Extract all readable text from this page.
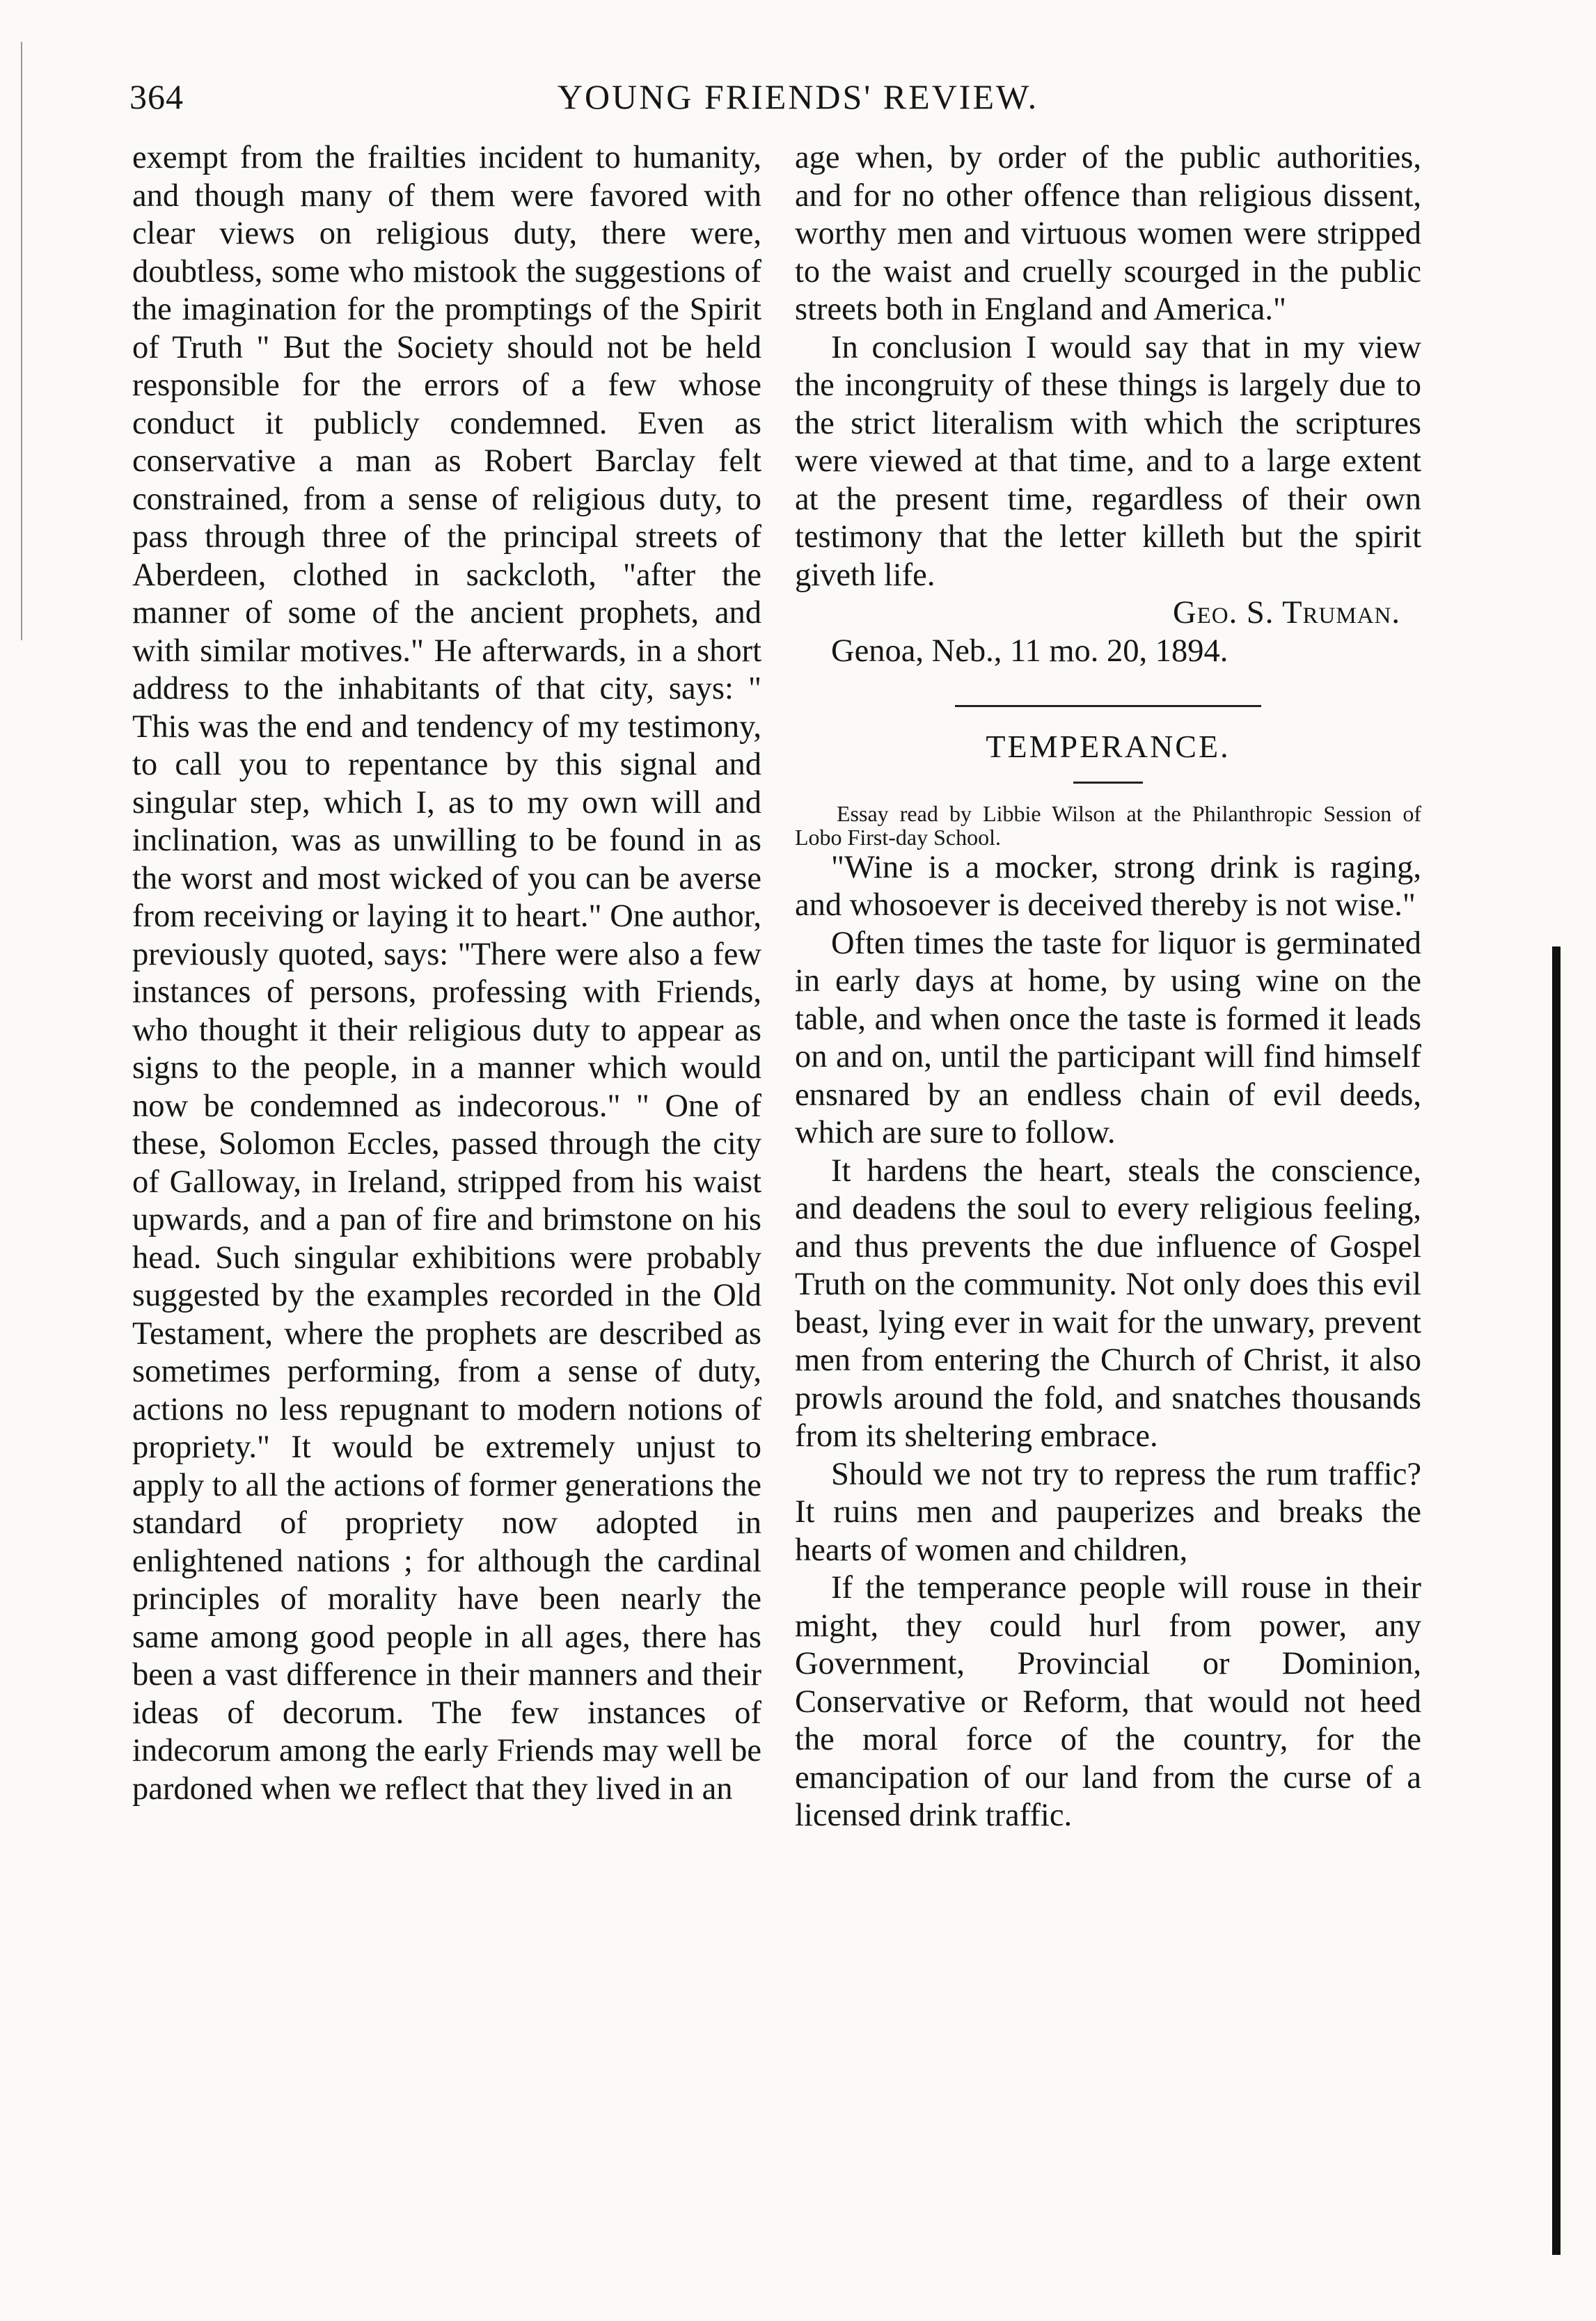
364	YOUNG FRIENDS' REVIEW.

exempt from the frailties incident to humanity, and though many of them were favored with clear views on religious duty, there were, doubtless, some who mistook the suggestions of the imagination for the promptings of the Spirit of Truth " But the Society should not be held responsible for the errors of a few whose conduct it publicly condemned. Even as conservative a man as Robert Barclay felt constrained, from a sense of religious duty, to pass through three of the principal streets of Aberdeen, clothed in sackcloth, "after the manner of some of the ancient prophets, and with similar motives." He afterwards, in a short address to the inhabitants of that city, says: " This was the end and tendency of my testimony, to call you to repentance by this signal and singular step, which I, as to my own will and inclination, was as unwilling to be found in as the worst and most wicked of you can be averse from receiving or laying it to heart." One author, previously quoted, says: "There were also a few instances of persons, professing with Friends, who thought it their religious duty to appear as signs to the people, in a manner which would now be condemned as indecorous." " One of these, Solomon Eccles, passed through the city of Galloway, in Ireland, stripped from his waist upwards, and a pan of fire and brimstone on his head. Such singular exhibitions were probably suggested by the examples recorded in the Old Testament, where the prophets are described as sometimes performing, from a sense of duty, actions no less repugnant to modern notions of propriety." It would be extremely unjust to apply to all the actions of former generations the standard of propriety now adopted in enlightened nations ; for although the cardinal principles of morality have been nearly the same among good people in all ages, there has been a vast difference in their manners and their ideas of decorum. The few instances of indecorum among the early Friends may well be pardoned when we reflect that they lived in an

age when, by order of the public authorities, and for no other offence than religious dissent, worthy men and virtuous women were stripped to the waist and cruelly scourged in the public streets both in England and America."

In conclusion I would say that in my view the incongruity of these things is largely due to the strict literalism with which the scriptures were viewed at that time, and to a large extent at the present time, regardless of their own testimony that the letter killeth but the spirit giveth life.

Geo. S. Truman.

Genoa, Neb., 11 mo. 20, 1894.

TEMPERANCE.

Essay read by Libbie Wilson at the Philanthropic Session of Lobo First-day School.

"Wine is a mocker, strong drink is raging, and whosoever is deceived thereby is not wise."

Often times the taste for liquor is germinated in early days at home, by using wine on the table, and when once the taste is formed it leads on and on, until the participant will find himself ensnared by an endless chain of evil deeds, which are sure to follow.

It hardens the heart, steals the conscience, and deadens the soul to every religious feeling, and thus prevents the due influence of Gospel Truth on the community. Not only does this evil beast, lying ever in wait for the unwary, prevent men from entering the Church of Christ, it also prowls around the fold, and snatches thousands from its sheltering embrace.

Should we not try to repress the rum traffic? It ruins men and pauperizes and breaks the hearts of women and children,

If the temperance people will rouse in their might, they could hurl from power, any Government, Provincial or Dominion, Conservative or Reform, that would not heed the moral force of the country, for the emancipation of our land from the curse of a licensed drink traffic.
